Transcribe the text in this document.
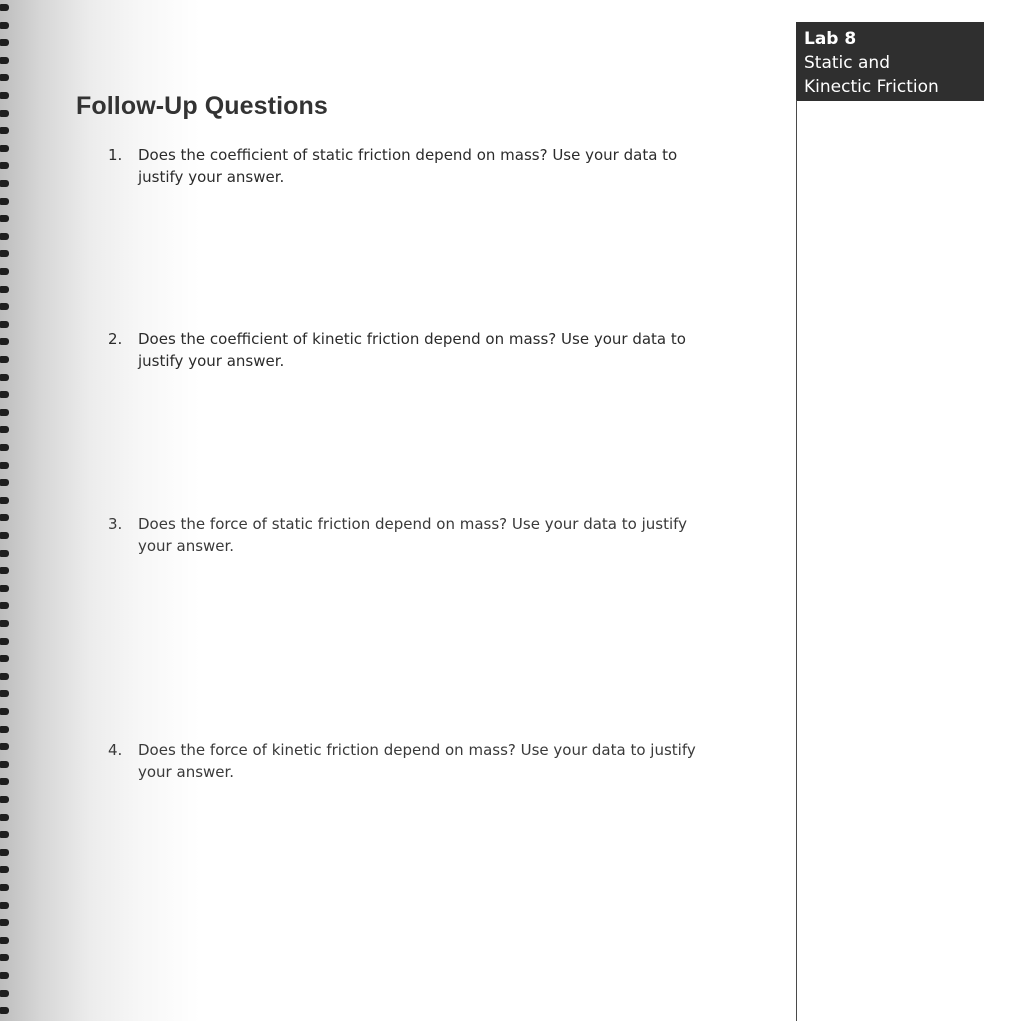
Lab 8
Static and
Kinectic Friction
Follow-Up Questions
1.	Does the coefficient of static friction depend on mass? Use your data to
justify your answer.
2.	Does the coefficient of kinetic friction depend on mass? Use your data to
justify your answer.
3.	Does the force of static friction depend on mass? Use your data to justify
your answer.
4.	Does the force of kinetic friction depend on mass? Use your data to justify
your answer.
